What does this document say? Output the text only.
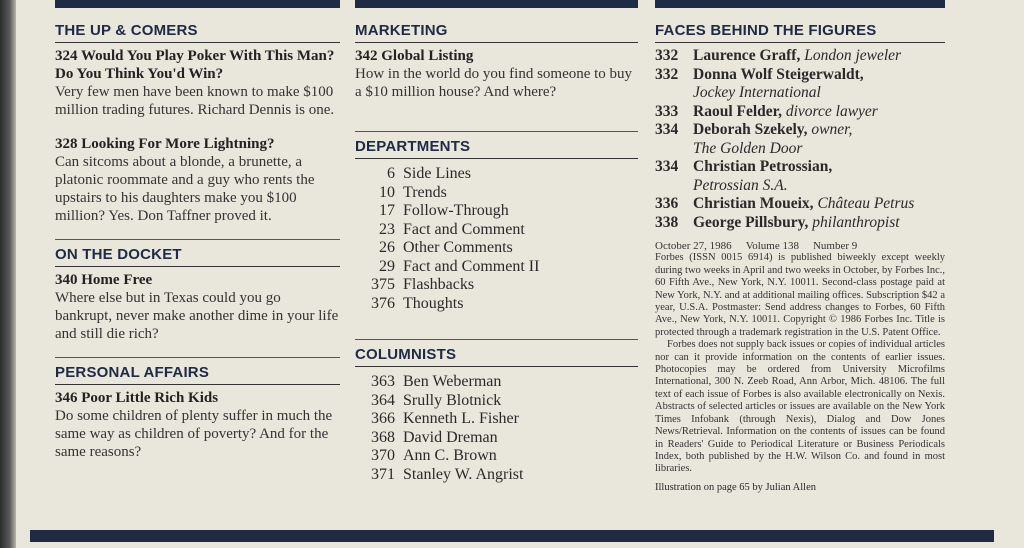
THE UP & COMERS
324 Would You Play Poker With This Man? Do You Think You'd Win?
Very few men have been known to make $100 million trading futures. Richard Dennis is one.
328 Looking For More Lightning?
Can sitcoms about a blonde, a brunette, a platonic roommate and a guy who rents the upstairs to his daughters make you $100 million? Yes. Don Taffner proved it.
ON THE DOCKET
340 Home Free
Where else but in Texas could you go bankrupt, never make another dime in your life and still die rich?
PERSONAL AFFAIRS
346 Poor Little Rich Kids
Do some children of plenty suffer in much the same way as children of poverty? And for the same reasons?
MARKETING
342 Global Listing
How in the world do you find someone to buy a $10 million house? And where?
DEPARTMENTS
6 Side Lines
10 Trends
17 Follow-Through
23 Fact and Comment
26 Other Comments
29 Fact and Comment II
375 Flashbacks
376 Thoughts
COLUMNISTS
363 Ben Weberman
364 Srully Blotnick
366 Kenneth L. Fisher
368 David Dreman
370 Ann C. Brown
371 Stanley W. Angrist
FACES BEHIND THE FIGURES
332 Laurence Graff, London jeweler
332 Donna Wolf Steigerwaldt,
Jockey International
333 Raoul Felder, divorce lawyer
334 Deborah Szekely, owner,
The Golden Door
334 Christian Petrossian,
Petrossian S.A.
336 Christian Moueix, Château Petrus
338 George Pillsbury, philanthropist
October 27, 1986 Volume 138 Number 9

Forbes (ISSN 0015 6914) is published biweekly except weekly during two weeks in April and two weeks in October, by Forbes Inc., 60 Fifth Ave., New York, N.Y. 10011. Second-class postage paid at New York, N.Y. and at additional mailing offices. Subscription $42 a year, U.S.A. Postmaster: Send address changes to Forbes, 60 Fifth Ave., New York, N.Y. 10011. Copyright © 1986 Forbes Inc. Title is protected through a trademark registration in the U.S. Patent Office.

Forbes does not supply back issues or copies of individual articles nor can it provide information on the contents of earlier issues. Photocopies may be ordered from University Microfilms International, 300 N. Zeeb Road, Ann Arbor, Mich. 48106. The full text of each issue of Forbes is also available electronically on Nexis. Abstracts of selected articles or issues are available on the New York Times Infobank (through Nexis), Dialog and Dow Jones News/Retrieval. Information on the contents of issues can be found in Readers' Guide to Periodical Literature or Business Periodicals Index, both published by the H.W. Wilson Co. and found in most libraries.

Illustration on page 65 by Julian Allen
